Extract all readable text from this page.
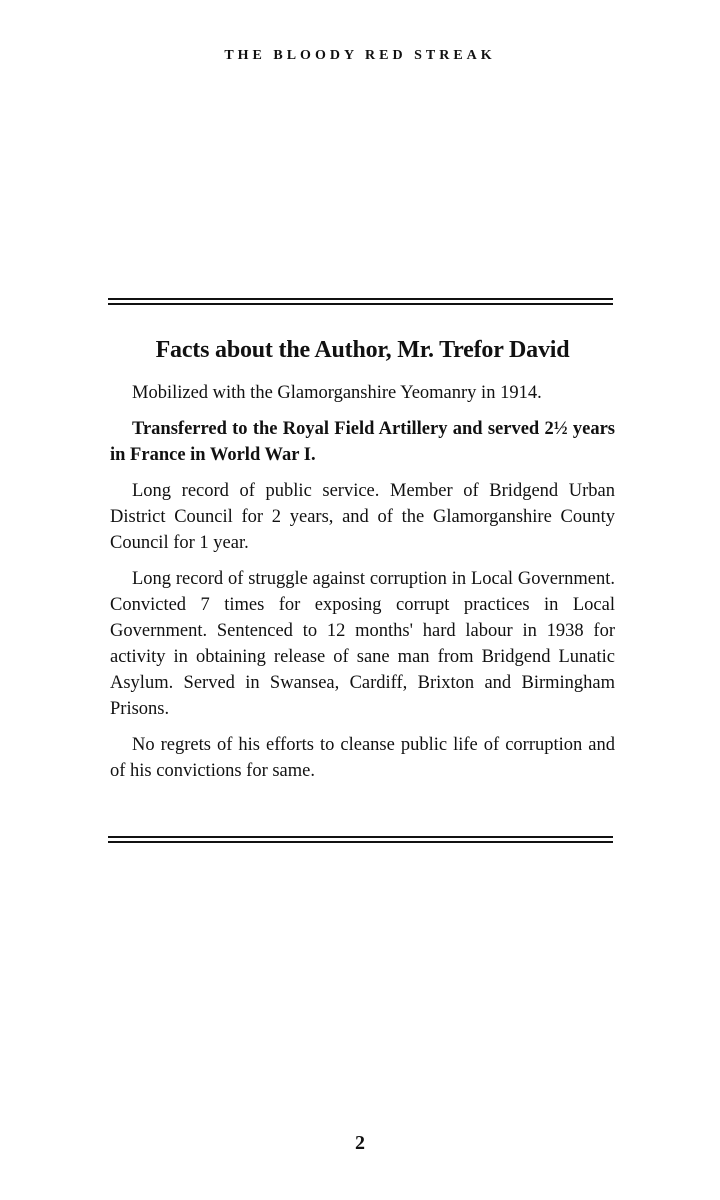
THE BLOODY RED STREAK
Facts about the Author, Mr. Trefor David

Mobilized with the Glamorganshire Yeomanry in 1914.

Transferred to the Royal Field Artillery and served 2½ years in France in World War I.

Long record of public service. Member of Bridgend Urban District Council for 2 years, and of the Glamorganshire County Council for 1 year.

Long record of struggle against corruption in Local Government. Convicted 7 times for exposing corrupt practices in Local Government. Sentenced to 12 months' hard labour in 1938 for activity in obtaining release of sane man from Bridgend Lunatic Asylum. Served in Swansea, Cardiff, Brixton and Birmingham Prisons.

No regrets of his efforts to cleanse public life of corruption and of his convictions for same.

2
